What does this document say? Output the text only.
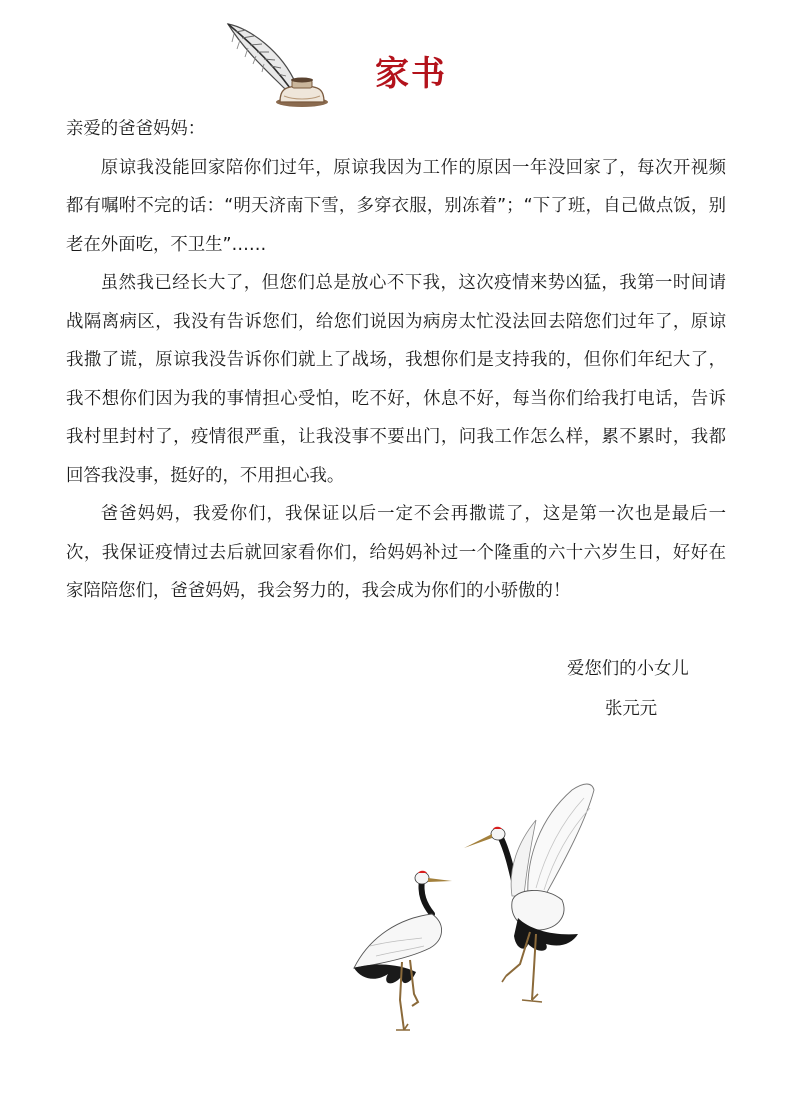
家书

亲爱的爸爸妈妈：

原谅我没能回家陪你们过年，原谅我因为工作的原因一年没回家了，每次开视频都有嘱咐不完的话：“明天济南下雪，多穿衣服，别冻着”；“下了班，自己做点饭，别老在外面吃，不卫生”……

虽然我已经长大了，但您们总是放心不下我，这次疫情来势凶猛，我第一时间请战隔离病区，我没有告诉您们，给您们说因为病房太忙没法回去陪您们过年了，原谅我撒了谎，原谅我没告诉你们就上了战场，我想你们是支持我的，但你们年纪大了，我不想你们因为我的事情担心受怕，吃不好，休息不好，每当你们给我打电话，告诉我村里封村了，疫情很严重，让我没事不要出门，问我工作怎么样，累不累时，我都回答我没事，挺好的，不用担心我。

爸爸妈妈，我爱你们，我保证以后一定不会再撒谎了，这是第一次也是最后一次，我保证疫情过去后就回家看你们，给妈妈补过一个隆重的六十六岁生日，好好在家陪陪您们，爸爸妈妈，我会努力的，我会成为你们的小骄傲的！

爱您们的小女儿
张元元
